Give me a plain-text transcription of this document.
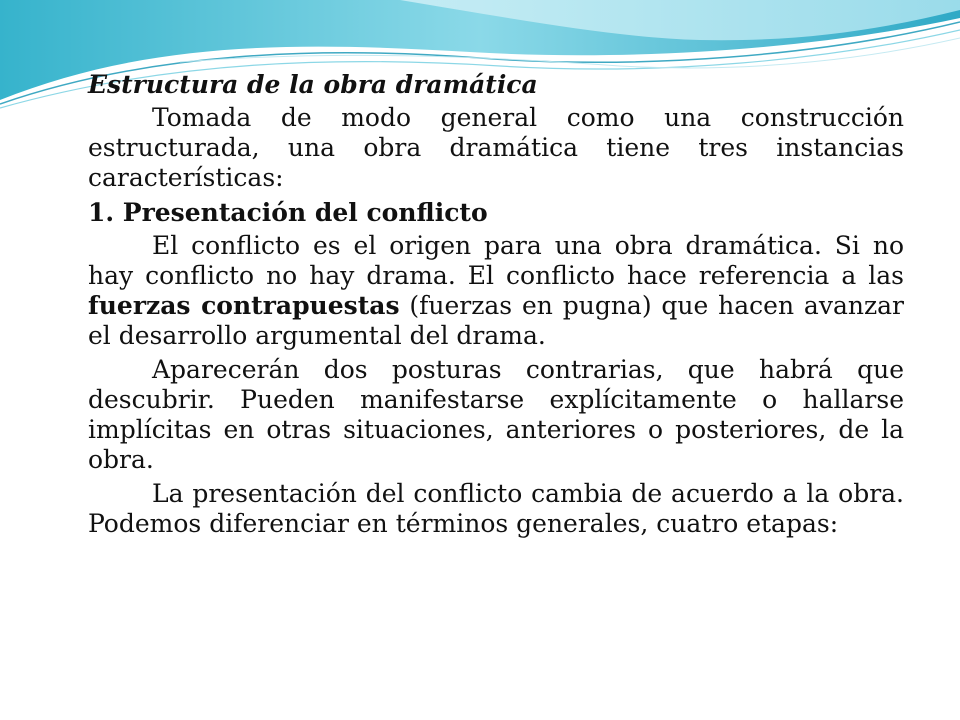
Estructura de la obra dramática

Tomada de modo general como una construcción estructurada, una obra dramática tiene tres instancias características:

1. Presentación del conflicto

El conflicto es el origen para una obra dramática. Si no hay conflicto no hay drama. El conflicto hace referencia a las fuerzas contrapuestas (fuerzas en pugna) que hacen avanzar el desarrollo argumental del drama.

Aparecerán dos posturas contrarias, que habrá que descubrir. Pueden manifestarse explícitamente o hallarse implícitas en otras situaciones, anteriores o posteriores, de la obra.

La presentación del conflicto cambia de acuerdo a la obra. Podemos diferenciar en términos generales, cuatro etapas:
